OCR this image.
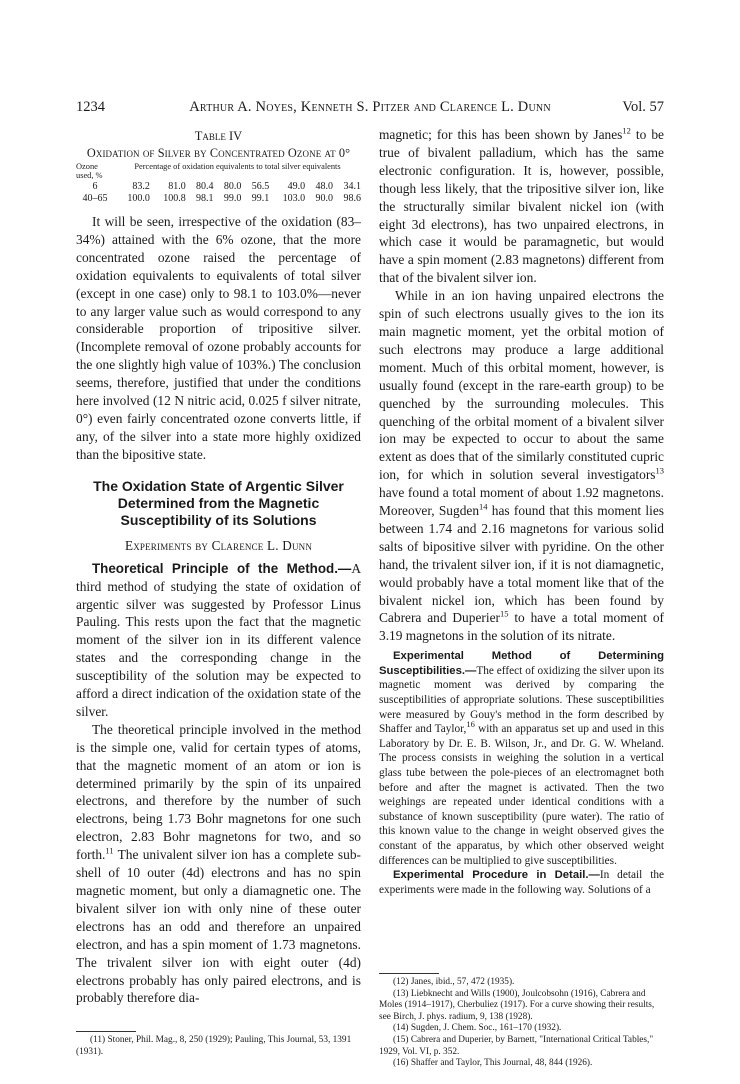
1234	Arthur A. Noyes, Kenneth S. Pitzer and Clarence L. Dunn	Vol. 57
Table IV
Oxidation of Silver by Concentrated Ozone at 0°
Ozone used, %	Percentage of oxidation equivalents to total silver equivalents							
6	83.2	81.0	80.4	80.0	56.5	49.0	48.0	34.1
40–65	100.0	100.8	98.1	99.0	99.1	103.0	90.0	98.6

It will be seen, irrespective of the oxidation (83–34%) attained with the 6% ozone, that the more concentrated ozone raised the percentage of oxidation equivalents to equivalents of total silver (except in one case) only to 98.1 to 103.0%—never to any larger value such as would correspond to any considerable proportion of tripositive silver. (Incomplete removal of ozone probably accounts for the one slightly high value of 103%.) The conclusion seems, therefore, justified that under the conditions here involved (12 N nitric acid, 0.025 f silver nitrate, 0°) even fairly concentrated ozone converts little, if any, of the silver into a state more highly oxidized than the bipositive state.

The Oxidation State of Argentic Silver Determined from the Magnetic Susceptibility of its Solutions
Experiments by Clarence L. Dunn

Theoretical Principle of the Method.—A third method of studying the state of oxidation of argentic silver was suggested by Professor Linus Pauling. This rests upon the fact that the magnetic moment of the silver ion in its different valence states and the corresponding change in the susceptibility of the solution may be expected to afford a direct indication of the oxidation state of the silver.

The theoretical principle involved in the method is the simple one, valid for certain types of atoms, that the magnetic moment of an atom or ion is determined primarily by the spin of its unpaired electrons, and therefore by the number of such electrons, being 1.73 Bohr magnetons for one such electron, 2.83 Bohr magnetons for two, and so forth.$^{11}$ The univalent silver ion has a complete sub-shell of 10 outer (4d) electrons and has no spin magnetic moment, but only a diamagnetic one. The bivalent silver ion with only nine of these outer electrons has an odd and therefore an unpaired electron, and has a spin moment of 1.73 magnetons. The trivalent silver ion with eight outer (4d) electrons probably has only paired electrons, and is probably therefore dia-

(11) Stoner, Phil. Mag., 8, 250 (1929); Pauling, This Journal, 53, 1391 (1931).

magnetic; for this has been shown by Janes$^{12}$ to be true of bivalent palladium, which has the same electronic configuration. It is, however, possible, though less likely, that the tripositive silver ion, like the structurally similar bivalent nickel ion (with eight 3d electrons), has two unpaired electrons, in which case it would be paramagnetic, but would have a spin moment (2.83 magnetons) different from that of the bivalent silver ion.

While in an ion having unpaired electrons the spin of such electrons usually gives to the ion its main magnetic moment, yet the orbital motion of such electrons may produce a large additional moment. Much of this orbital moment, however, is usually found (except in the rare-earth group) to be quenched by the surrounding molecules. This quenching of the orbital moment of a bivalent silver ion may be expected to occur to about the same extent as does that of the similarly constituted cupric ion, for which in solution several investigators$^{13}$ have found a total moment of about 1.92 magnetons. Moreover, Sugden$^{14}$ has found that this moment lies between 1.74 and 2.16 magnetons for various solid salts of bipositive silver with pyridine. On the other hand, the trivalent silver ion, if it is not diamagnetic, would probably have a total moment like that of the bivalent nickel ion, which has been found by Cabrera and Duperier$^{15}$ to have a total moment of 3.19 magnetons in the solution of its nitrate.

Experimental Method of Determining Susceptibilities.—The effect of oxidizing the silver upon its magnetic moment was derived by comparing the susceptibilities of appropriate solutions. These susceptibilities were measured by Gouy's method in the form described by Shaffer and Taylor,$^{16}$ with an apparatus set up and used in this Laboratory by Dr. E. B. Wilson, Jr., and Dr. G. W. Wheland. The process consists in weighing the solution in a vertical glass tube between the pole-pieces of an electromagnet both before and after the magnet is activated. Then the two weighings are repeated under identical conditions with a substance of known susceptibility (pure water). The ratio of this known value to the change in weight observed gives the constant of the apparatus, by which other observed weight differences can be multiplied to give susceptibilities.

Experimental Procedure in Detail.—In detail the experiments were made in the following way. Solutions of a

(12) Janes, ibid., 57, 472 (1935).

(13) Liebknecht and Wills (1900), Joulcobsohn (1916), Cabrera and Moles (1914–1917), Cherbuliez (1917). For a curve showing their results, see Birch, J. phys. radium, 9, 138 (1928).

(14) Sugden, J. Chem. Soc., 161–170 (1932).

(15) Cabrera and Duperier, by Barnett, "International Critical Tables," 1929, Vol. VI, p. 352.

(16) Shaffer and Taylor, This Journal, 48, 844 (1926).
